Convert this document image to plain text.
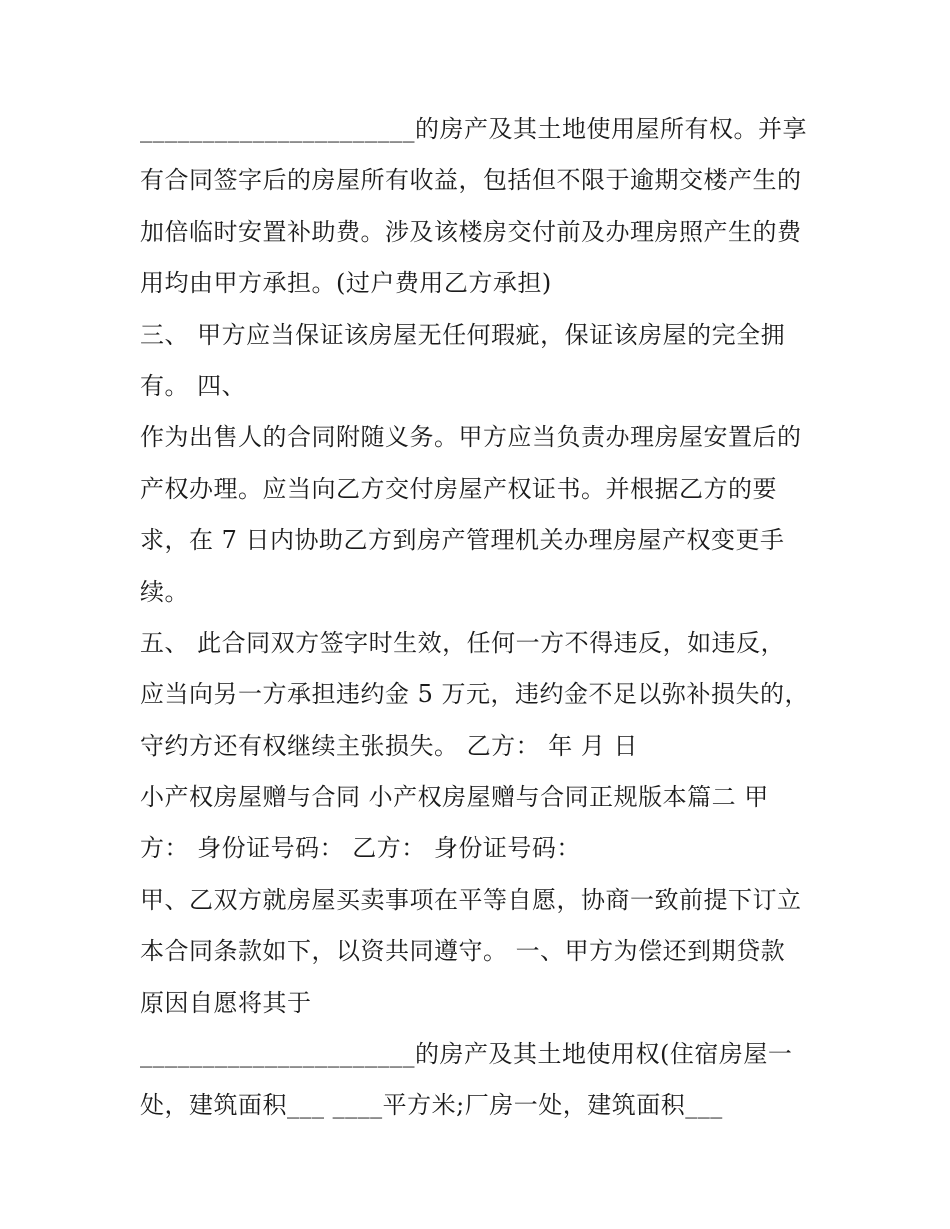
______________________的房产及其土地使用屋所有权。并享
有合同签字后的房屋所有收益，包括但不限于逾期交楼产生的
加倍临时安置补助费。涉及该楼房交付前及办理房照产生的费
用均由甲方承担。(过户费用乙方承担)
三、 甲方应当保证该房屋无任何瑕疵，保证该房屋的完全拥
有。 四、
作为出售人的合同附随义务。甲方应当负责办理房屋安置后的
产权办理。应当向乙方交付房屋产权证书。并根据乙方的要
求，在 7 日内协助乙方到房产管理机关办理房屋产权变更手
续。
五、 此合同双方签字时生效，任何一方不得违反，如违反，
应当向另一方承担违约金 5 万元，违约金不足以弥补损失的，
守约方还有权继续主张损失。 乙方： 年 月 日
小产权房屋赠与合同 小产权房屋赠与合同正规版本篇二 甲
方： 身份证号码： 乙方： 身份证号码：
甲、乙双方就房屋买卖事项在平等自愿，协商一致前提下订立
本合同条款如下，以资共同遵守。 一、甲方为偿还到期贷款
原因自愿将其于
______________________的房产及其土地使用权(住宿房屋一
处，建筑面积___ ____平方米;厂房一处，建筑面积___
